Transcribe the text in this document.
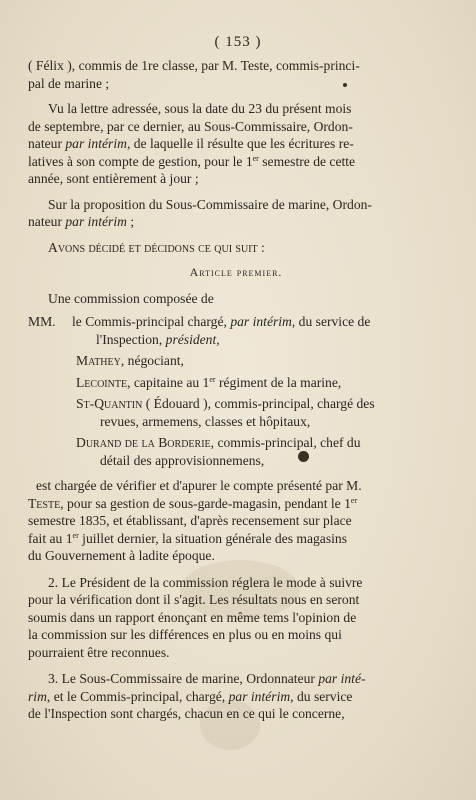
( 153 )

( Félix ), commis de 1re classe, par M. Teste, commis-princi-

pal de marine ;

Vu la lettre adressée, sous la date du 23 du présent mois

de septembre, par ce dernier, au Sous-Commissaire, Ordon-

nateur par intérim, de laquelle il résulte que les écritures re-

latives à son compte de gestion, pour le 1er semestre de cette

année, sont entièrement à jour ;

Sur la proposition du Sous-Commissaire de marine, Ordon-

nateur par intérim ;

Avons décidé et décidons ce qui suit :

Article premier.

Une commission composée de

MM.	le Commis-principal chargé, par intérim, du service de
l'Inspection, président,
Mathey, négociant,
Lecointe, capitaine au 1er régiment de la marine,
St-Quantin ( Édouard ), commis-principal, chargé des
revues, armemens, classes et hôpitaux,
Durand de la Borderie, commis-principal, chef du
détail des approvisionnemens,

est chargée de vérifier et d'apurer le compte présenté par M.

Teste, pour sa gestion de sous-garde-magasin, pendant le 1er

semestre 1835, et établissant, d'après recensement sur place

fait au 1er juillet dernier, la situation générale des magasins

du Gouvernement à ladite époque.

2. Le Président de la commission réglera le mode à suivre

pour la vérification dont il s'agit. Les résultats nous en seront

soumis dans un rapport énonçant en même tems l'opinion de

la commission sur les différences en plus ou en moins qui

pourraient être reconnues.

3. Le Sous-Commissaire de marine, Ordonnateur par inté-

rim, et le Commis-principal, chargé, par intérim, du service

de l'Inspection sont chargés, chacun en ce qui le concerne,
